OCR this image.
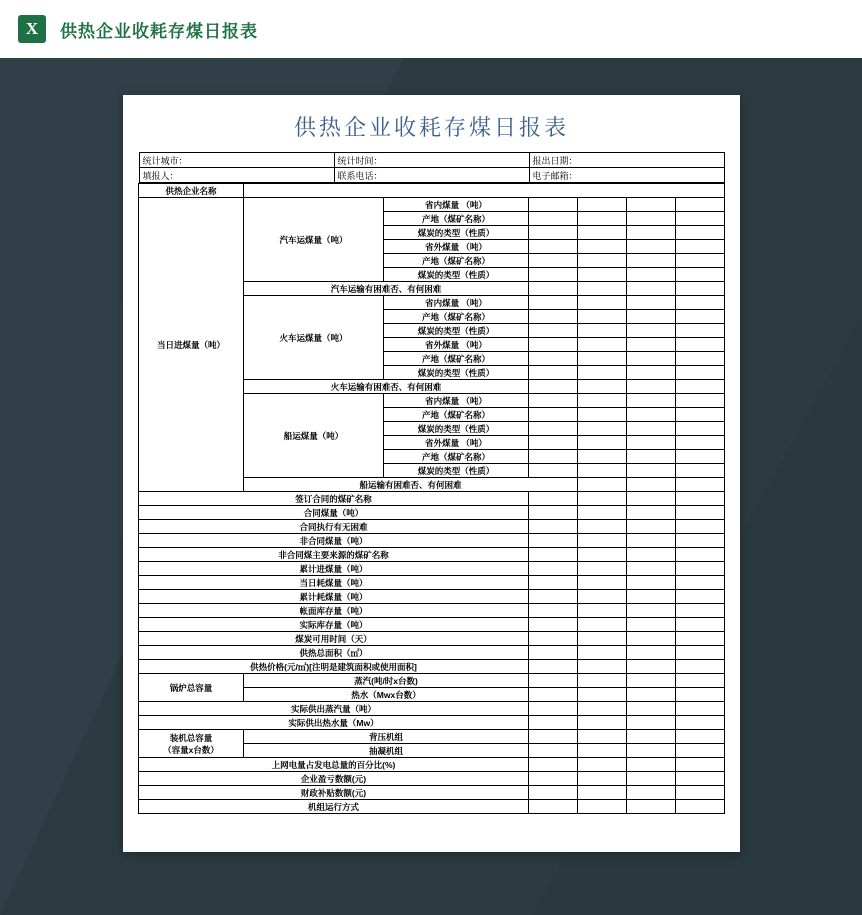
X	供热企业收耗存煤日报表
供热企业收耗存煤日报表
统计城市：	统计时间：	报出日期：
填报人：	联系电话：	电子邮箱：
供热企业名称							
当日进煤量（吨）	汽车运煤量（吨）	省内煤量 （吨）					
		产地（煤矿名称）					
		煤炭的类型（性质）					
		省外煤量 （吨）					
		产地（煤矿名称）					
		煤炭的类型（性质）					
	汽车运输有困难否、有何困难						
	火车运煤量（吨）	省内煤量 （吨）					
		产地（煤矿名称）					
		煤炭的类型（性质）					
		省外煤量 （吨）					
		产地（煤矿名称）					
		煤炭的类型（性质）					
	火车运输有困难否、有何困难						
	船运煤量（吨）	省内煤量 （吨）					
		产地（煤矿名称）					
		煤炭的类型（性质）					
		省外煤量 （吨）					
		产地（煤矿名称）					
		煤炭的类型（性质）					
	船运输有困难否、有何困难						
签订合同的煤矿名称							
合同煤量（吨）							
合同执行有无困难							
非合同煤量（吨）							
非合同煤主要来源的煤矿名称							
累计进煤量（吨）							
当日耗煤量（吨）							
累计耗煤量（吨）							
帐面库存量（吨）							
实际库存量（吨）							
煤炭可用时间（天）							
供热总面积（㎡）							
供热价格(元/㎡)[注明是建筑面积或使用面积]							
锅炉总容量	蒸汽(吨/时x台数)						
	热水（Mwx台数）						
实际供出蒸汽量（吨）							
实际供出热水量（Mw）							
装机总容量
（容量x台数）	背压机组						
	抽凝机组						
上网电量占发电总量的百分比(%)							
企业盈亏数额(元)							
财政补贴数额(元)							
机组运行方式							
